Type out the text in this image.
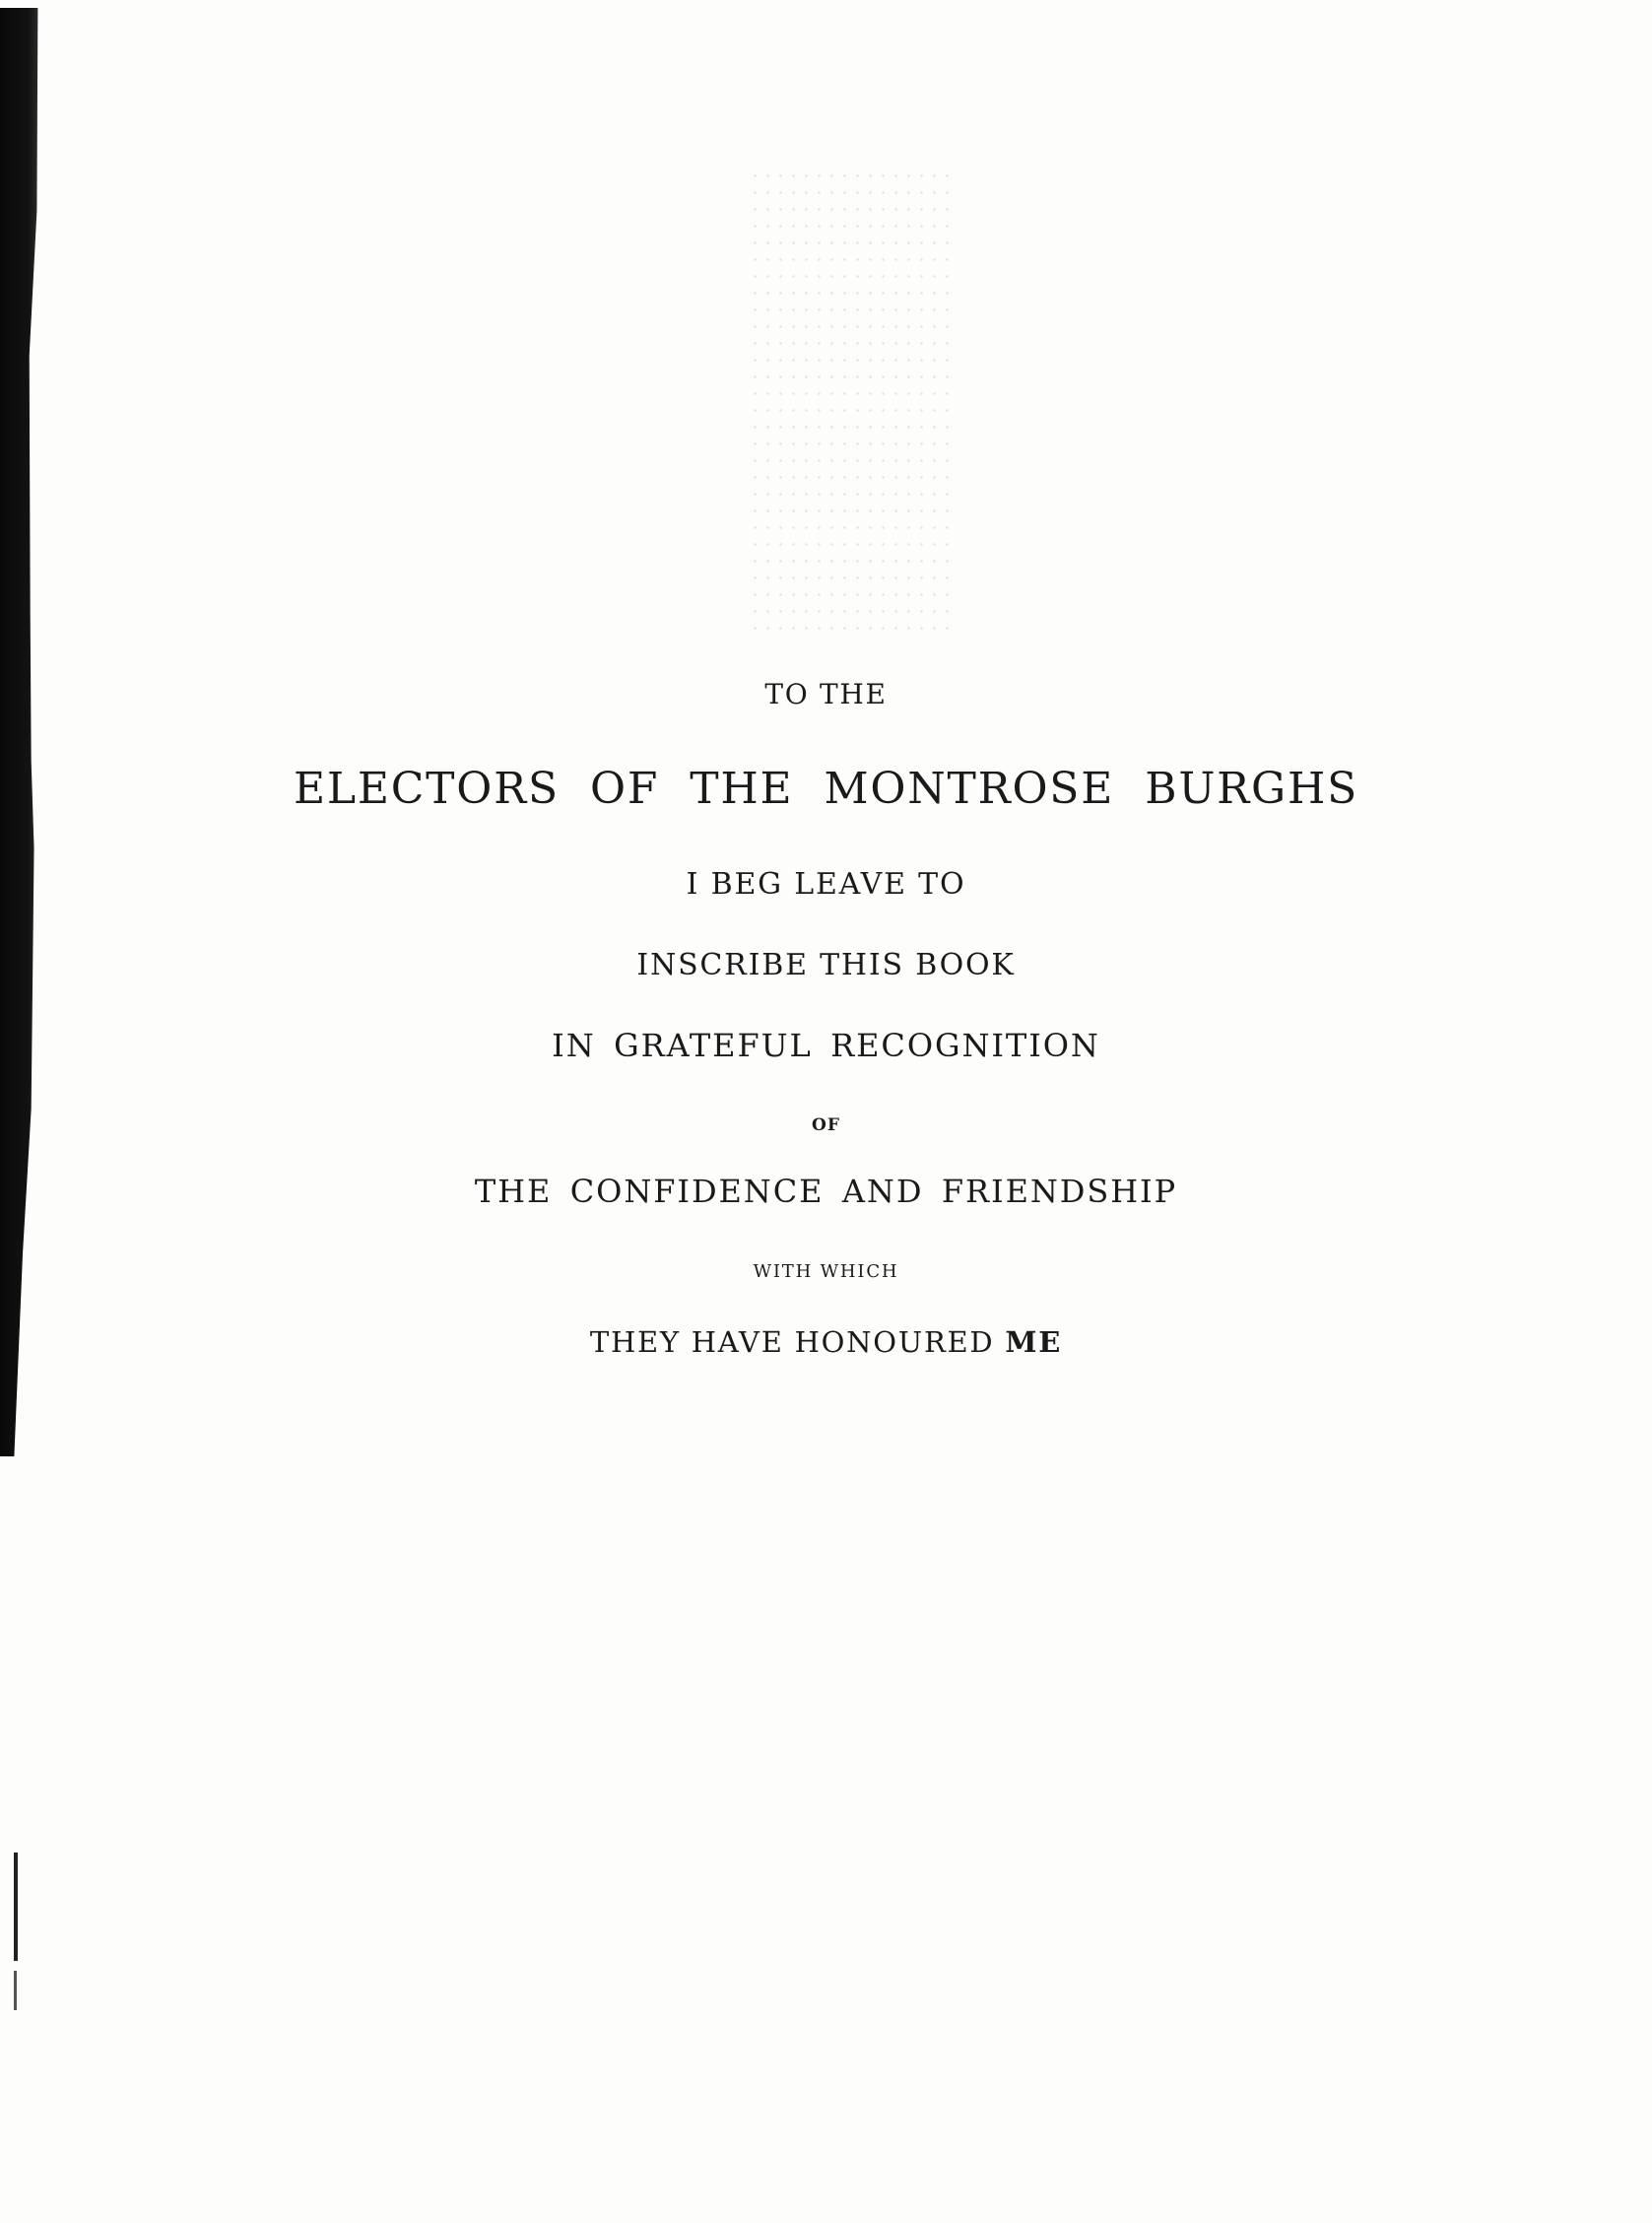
TO THE
ELECTORS OF THE MONTROSE BURGHS
I BEG LEAVE TO
INSCRIBE THIS BOOK
IN GRATEFUL RECOGNITION
OF
THE CONFIDENCE AND FRIENDSHIP
WITH WHICH
THEY HAVE HONOURED ME
